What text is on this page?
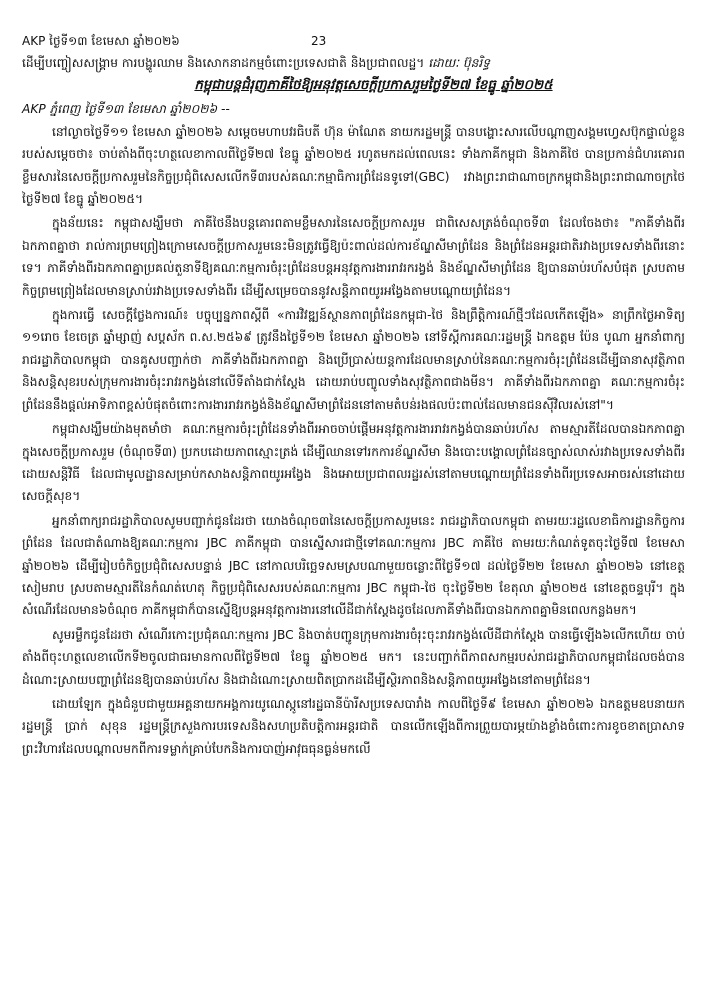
AKP ថ្ងៃទី១៣ ខែមេសា ឆ្នាំ២០២៦	23

ដើម្បីបញ្ចៀសសង្គ្រាម ការបង្ហូរឈាម និងសោកនាដកម្មចំពោះប្រទេសជាតិ និងប្រជាពលដ្ឋ។ ដោយៈ ប៊ុនរិទ្ធ

កម្ពុជាបន្តជំរុញភាគីថៃឱ្យអនុវត្តសេចក្តីប្រកាសរួមថ្ងៃទី២៧ ខែធ្នូ ឆ្នាំ២០២៥

AKP ភ្នំពេញ ថ្ងៃទី១៣ ខែមេសា ឆ្នាំ២០២៦ --

នៅល្ងាចថ្ងៃទី១១ ខែមេសា ឆ្នាំ២០២៦ សម្តេចមហាបវរធិបតី ហ៊ុន ម៉ាណែត នាយករដ្ឋមន្ត្រី បានបង្ហោះសារលើបណ្ដាញសង្គមហ្វេសប៊ុកផ្ទាល់ខ្លួនរបស់សម្ដេចថា៖ ចាប់តាំងពីចុះហត្ថលេខាកាលពីថ្ងៃទី២៧ ខែធ្នូ ឆ្នាំ២០២៥ រហូតមកដល់ពេលនេះ ទាំងភាគីកម្ពុជា និងភាគីថៃ បានប្រកាន់ជំហរគោរពខ្លឹមសារនៃសេចក្តីប្រកាសរួមនៃកិច្ចប្រជុំពិសេសលើកទី៣របស់គណៈកម្មាធិការព្រំដែនទូទៅ(GBC) រវាងព្រះរាជាណាចក្រកម្ពុជានិងព្រះរាជាណាចក្រថៃ ថ្ងៃទី២៧ ខែធ្នូ ឆ្នាំ២០២៥។

ក្នុងន័យនេះ កម្ពុជាសង្ឃឹមថា ភាគីថៃនឹងបន្តគោរពតាមខ្លឹមសារនៃសេចក្តីប្រកាសរួម ជាពិសេសត្រង់ចំណុចទី៣ ដែលចែងថា៖ "ភាគីទាំងពីរឯកភាពគ្នាថា រាល់ការព្រមព្រៀងក្រោមសេចក្តីប្រកាសរួមនេះមិនត្រូវធ្វើឱ្យប៉ះពាល់ដល់ការខ័ណ្ឌសីមាព្រំដែន និងព្រំដែនអន្តរជាតិរវាងប្រទេសទាំងពីរនោះទេ។ ភាគីទាំងពីរឯកភាពគ្នាប្រគល់តួនាទីឱ្យគណៈកម្មការចំរុះព្រំដែនបន្តអនុវត្តការងាររាវរករង្វង់ និងខ័ណ្ឌសីមាព្រំដែន ឱ្យបានឆាប់រហ័សបំផុត ស្របតាមកិច្ចព្រមព្រៀងដែលមានស្រាប់រវាងប្រទេសទាំងពីរ ដើម្បីសម្រេចបាននូវសន្តិភាពយូរអង្វែងតាមបណ្ដោយព្រំដែន។

ក្នុងការធ្វើ សេចក្ដីថ្លែងការណ៍៖ បច្ចុប្បន្នភាពស្ដីពី «ការវិវឌ្ឍន៍ស្ថានភាពព្រំដែនកម្ពុជា-ថៃ និងព្រឹត្តិការណ៍ថ្មីៗដែលកើតឡើង» នាព្រឹកថ្ងៃអាទិត្យ ១១រោច ខែចេត្រ ឆ្នាំម្សាញ់ សប្តស័ក ព.ស.២៥៦៩ ត្រូវនឹងថ្ងៃទី១២ ខែមេសា ឆ្នាំ២០២៦ នៅទីស្ដីការគណៈរដ្ឋមន្ត្រី ឯកឧត្តម ប៉ែន បូណា អ្នកនាំពាក្យរាជរដ្ឋាភិបាលកម្ពុជា បានគូសបញ្ជាក់ថា ភាគីទាំងពីរឯកភាពគ្នា និងប្រើប្រាស់យន្តការដែលមានស្រាប់នៃគណៈកម្មការចំរុះព្រំដែនដើម្បីធានាសុវត្ថិភាព និងសន្តិសុខរបស់ក្រុមការងារចំរុះរាវរកង្វង់នៅលើទីតាំងជាក់ស្តែង ដោយរាប់បញ្ចូលទាំងសុវត្ថិភាពជាងមីន។ ភាគីទាំងពីរឯកភាពគ្នា គណៈកម្មការចំរុះព្រំដែននឹងផ្តល់អាទិភាពខ្ពស់បំផុតចំពោះការងាររាវរកង្វង់និងខ័ណ្ឌសីមាព្រំដែននៅតាមតំបន់រងផលប៉ះពាល់ដែលមានជនស៊ីវិលរស់នៅ"។

កម្ពុជាសង្ឃឹមយ៉ាងមុតមាំថា គណៈកម្មការចំរុះព្រំដែនទាំងពីរអាចចាប់ផ្ដើមអនុវត្តការងាររាវរកង្វង់បានឆាប់រហ័ស តាមស្មារតីដែលបានឯកភាពគ្នាក្នុងសេចក្ដីប្រកាសរួម (ចំណុចទី៣) ប្រកបដោយភាពស្មោះត្រង់ ដើម្បីឈានទៅរកការខ័ណ្ឌសីមា និងបោះបង្គោលព្រំដែនច្បាស់លាស់រវាងប្រទេសទាំងពីរដោយសន្តិវិធី ដែលជាមូលដ្ឋានសម្រាប់កសាងសន្តិភាពយូរអង្វែង និងអោយប្រជាពលរដ្ឋរស់នៅតាមបណ្ដោយព្រំដែនទាំងពីរប្រទេសអាចរស់នៅដោយសេចក្តីសុខ។

អ្នកនាំពាក្យរាជរដ្ឋាភិបាលសូមបញ្ជាក់ជូនដែរថា យោងចំណុច៣នៃសេចក្តីប្រកាសរួមនេះ រាជរដ្ឋាភិបាលកម្ពុជា តាមរយៈរដ្ឋលេខាធិការដ្ឋានកិច្ចការព្រំដែន ដែលជាតំណាងឱ្យគណៈកម្មការ JBC ភាគីកម្ពុជា បានស្នើសារជាថ្មីទៅគណៈកម្មការ JBC ភាគីថៃ តាមរយៈកំណត់ទូតចុះថ្ងៃទី៧ ខែមេសា ឆ្នាំ២០២៦ ដើម្បីរៀបចំកិច្ចប្រជុំពិសេសបន្ទាន់ JBC នៅកាលបរិច្ឆេទសមស្របណាមួយចន្លោះពីថ្ងៃទី១៧ ដល់ថ្ងៃទី២២ ខែមេសា ឆ្នាំ២០២៦ នៅខេត្តសៀមរាប ស្របតាមស្មារតីនៃកំណត់ហេតុ កិច្ចប្រជុំពិសេសរបស់គណៈកម្មការ JBC កម្ពុជា-ថៃ ចុះថ្ងៃទី២២ ខែតុលា ឆ្នាំ២០២៥ នៅខេត្តចន្ទបុរី។ ក្នុងសំណើរដែលមាន៦ចំណុច ភាគីកម្ពុជាក៏បានស្នើឱ្យបន្តអនុវត្តការងារនៅលើដីជាក់ស្តែងដូចដែលភាគីទាំងពីរបានឯកភាពគ្នាមិនពេលកន្លងមក។

សូមរម្លឹកជូនដែរថា សំណើរកោះប្រជុំគណៈកម្មការ JBC និងចាត់បញ្ជូនក្រុមការងារចំរុះចុះរាវរកង្វង់លើដីជាក់ស្តែង បានធ្វើឡើង៦លើកហើយ ចាប់តាំងពីចុះហត្ថលេខាលើកទី២ចូលជាធរមានកាលពីថ្ងៃទី២៧ ខែធ្នូ ឆ្នាំ២០២៥ មក។ នេះបញ្ជាក់ពីភាពសកម្មរបស់រាជរដ្ឋាភិបាលកម្ពុជាដែលចង់បានដំណោះស្រាយបញ្ហាព្រំដែនឱ្យបានឆាប់រហ័ស និងជាដំណោះស្រាយពិតប្រាកដដើម្បីស្ថិរភាពនិងសន្តិភាពយូរអង្វែងនៅតាមព្រំដែន។

ដោយឡែក ក្នុងជំនួបជាមួយអគ្គនាយកអង្គការយូណេស្កូនៅរដ្ឋធានីប៉ារីសប្រទេសបារាំង កាលពីថ្ងៃទី៩ ខែមេសា ឆ្នាំ២០២៦ ឯកឧត្តមឧបនាយករដ្ឋមន្ត្រី ប្រាក់ សុខុន រដ្ឋមន្ត្រីក្រសួងការបរទេសនិងសហប្រតិបត្តិការអន្តរជាតិ បានលើកឡើងពីការព្រួយបារម្ភយ៉ាងខ្លាំងចំពោះការខូចខាតប្រាសាទព្រះវិហារដែលបណ្ដាលមកពីការទម្លាក់គ្រាប់បែកនិងការបាញ់អាវុធធុនធ្ងន់មកលើ
